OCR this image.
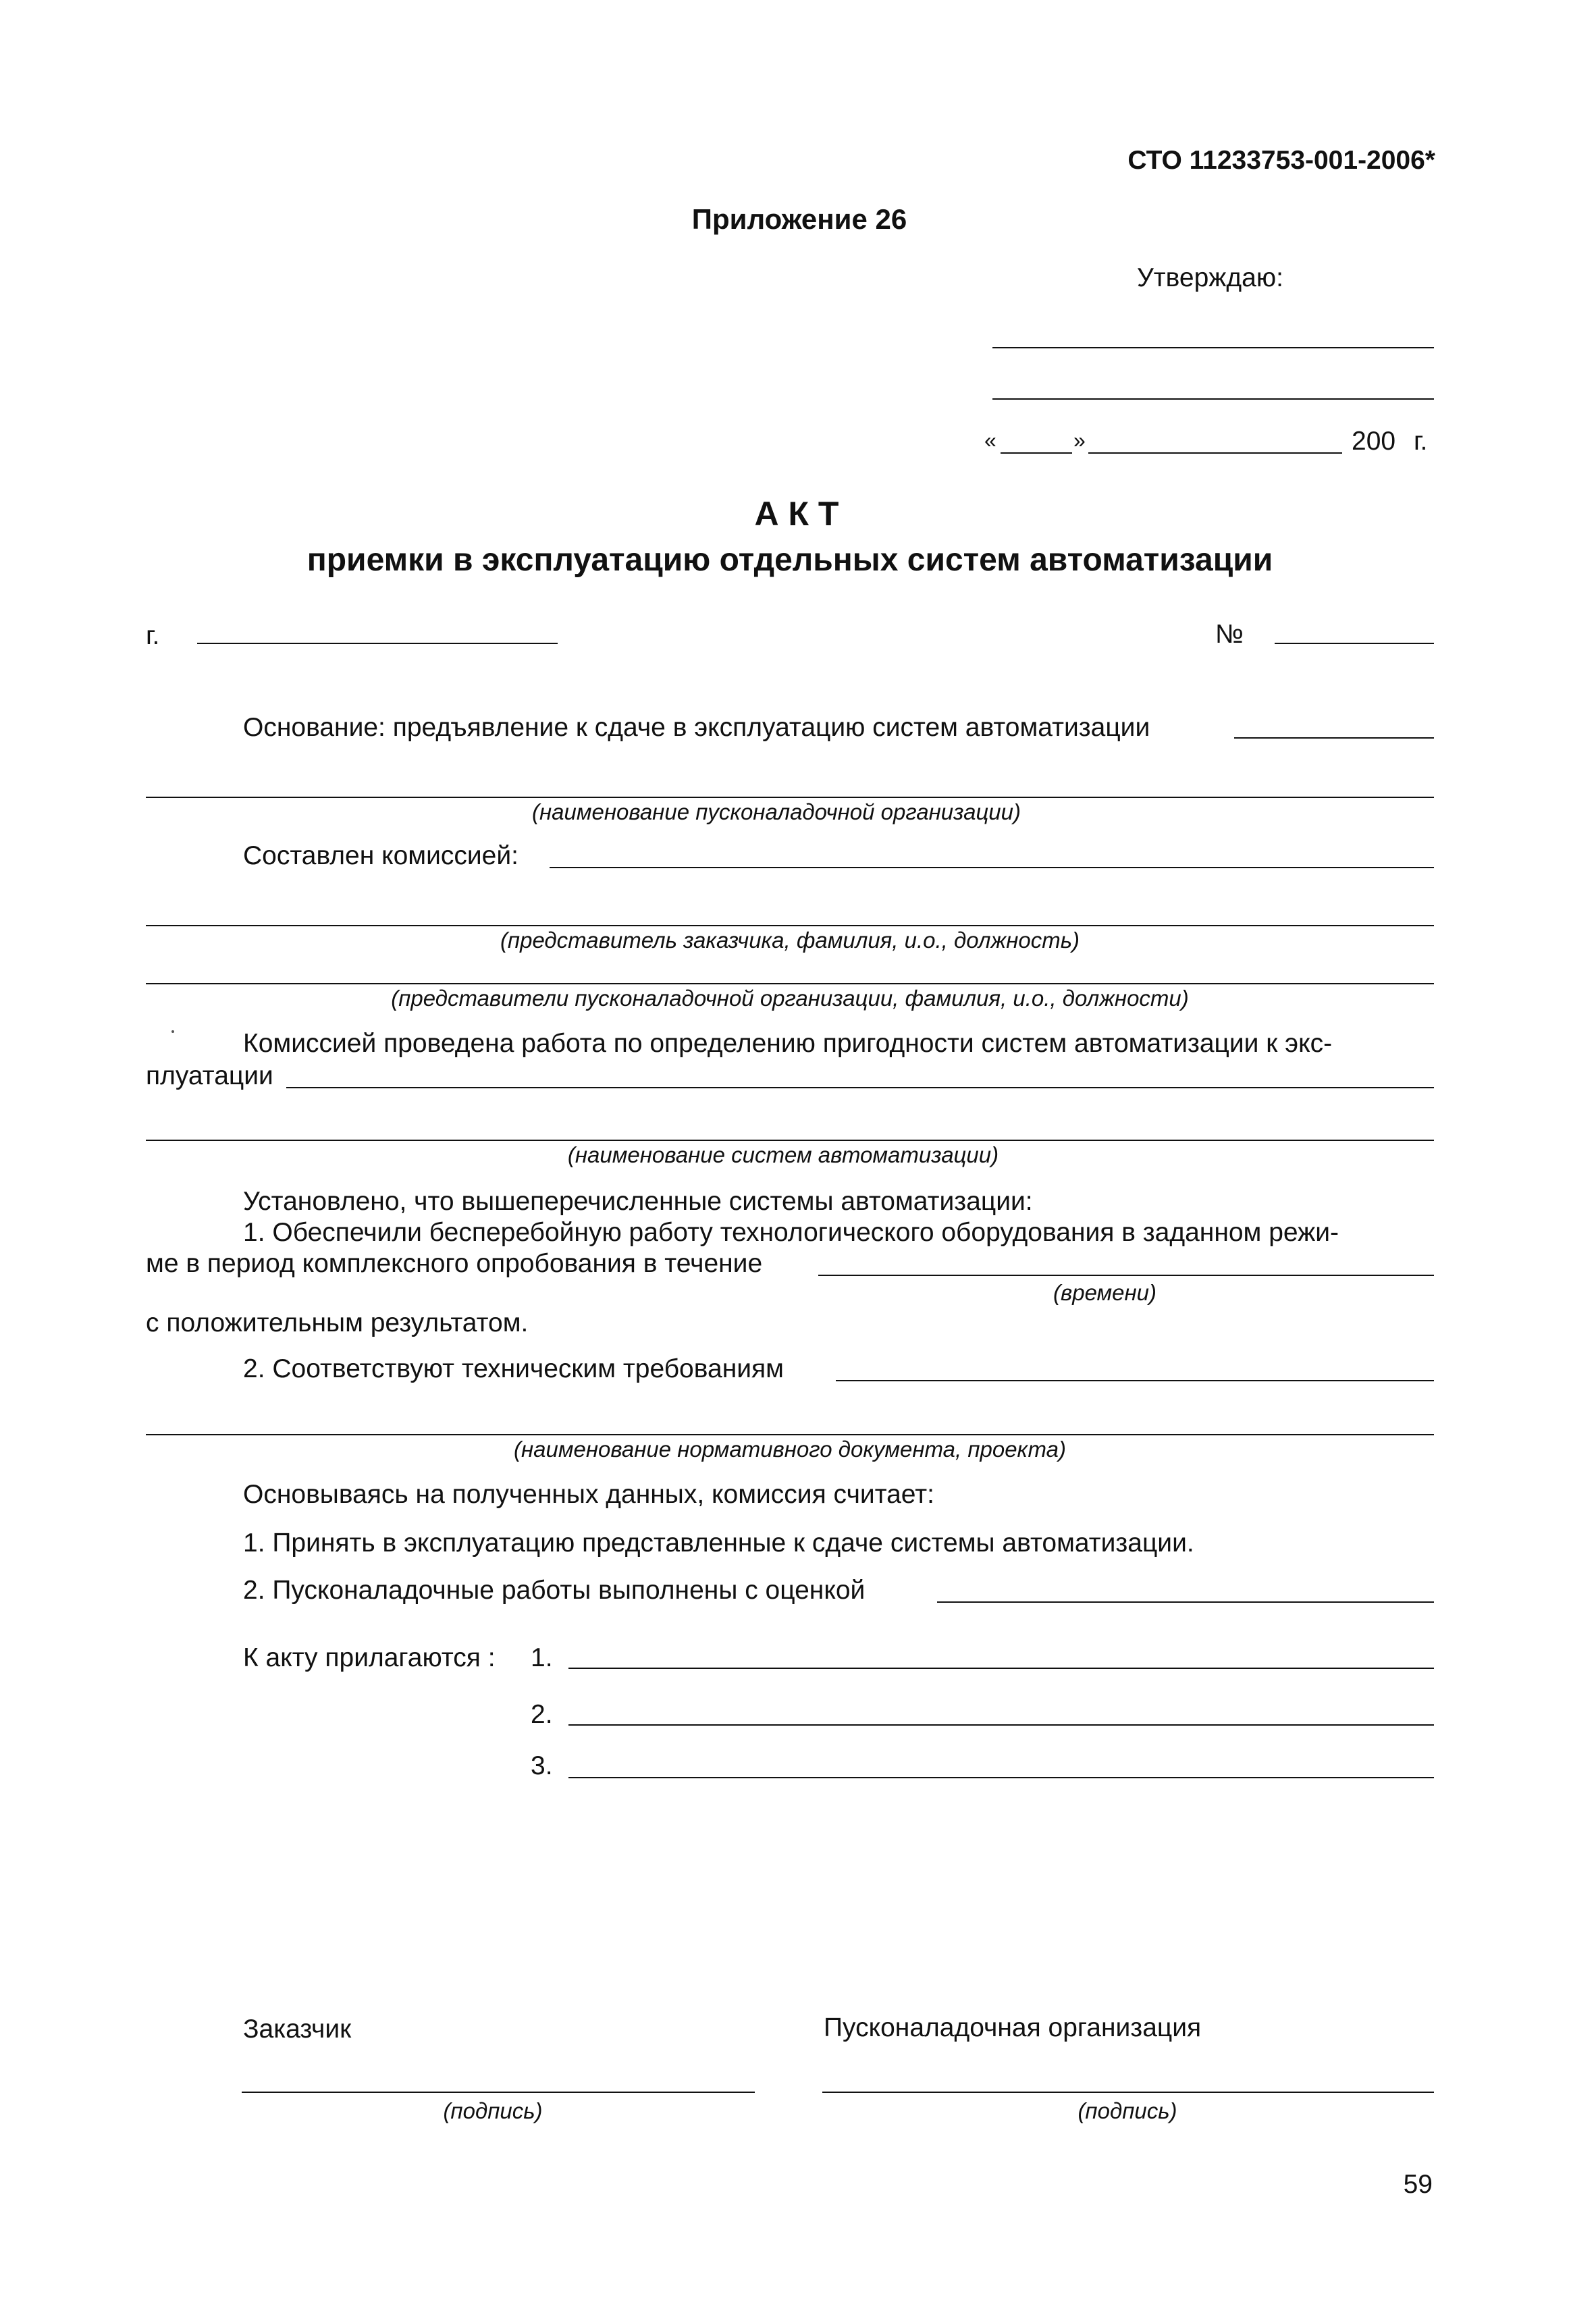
СТО 11233753-001-2006*
Приложение 26
Утверждаю:
«	»	200 г.
А К Т
приемки в эксплуатацию отдельных систем автоматизации
г.	№
Основание: предъявление к сдаче в эксплуатацию систем автоматизации
(наименование пусконаладочной организации)
Составлен комиссией:
(представитель заказчика, фамилия, и.о., должность)
(представители пусконаладочной организации, фамилия, и.о., должности)
Комиссией проведена работа по определению пригодности систем автоматизации к экс-
плуатации
(наименование систем автоматизации)
Установлено, что вышеперечисленные системы автоматизации:
1. Обеспечили бесперебойную работу технологического оборудования в заданном режи-
ме в период комплексного опробования в течение
(времени)
с положительным результатом.
2. Соответствуют техническим требованиям
(наименование нормативного документа, проекта)
Основываясь на полученных данных, комиссия считает:
1. Принять в эксплуатацию представленные к сдаче системы автоматизации.
2. Пусконаладочные работы выполнены с оценкой
К акту прилагаются : 1.
2.
3.
Заказчик	Пусконаладочная организация
(подпись)	(подпись)
59
